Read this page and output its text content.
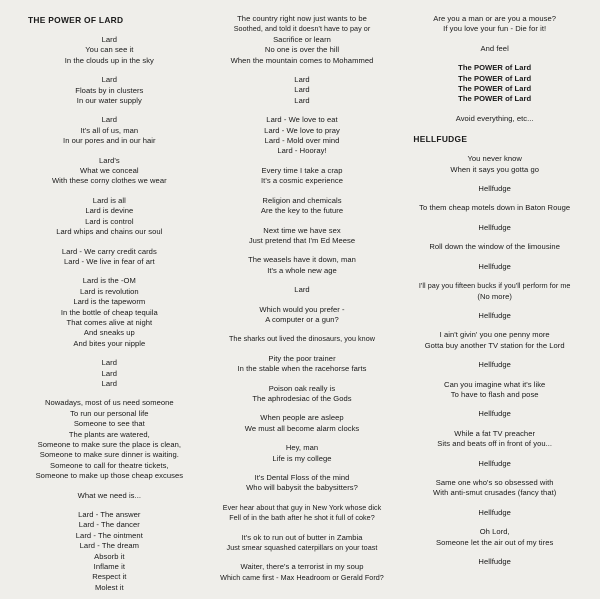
THE POWER OF LARD
Lard
You can see it
In the clouds up in the sky
Lard
Floats by in clusters
In our water supply
Lard
It's all of us, man
In our pores and in our hair
Lard's
What we conceal
With these corny clothes we wear
Lard is all
Lard is devine
Lard is control
Lard whips and chains our soul
Lard - We carry credit cards
Lard - We live in fear of art
Lard is the -OM
Lard is revolution
Lard is the tapeworm
In the bottle of cheap tequila
That comes alive at night
And sneaks up
And bites your nipple
Lard
Lard
Lard
Nowadays, most of us need someone
To run our personal life
Someone to see that
The plants are watered,
Someone to make sure the place is clean,
Someone to make sure dinner is waiting.
Someone to call for theatre tickets,
Someone to make up those cheap excuses
What we need is...
Lard - The answer
Lard - The dancer
Lard - The ointment
Lard - The dream
Absorb it
Inflame it
Respect it
Molest it
The country right now just wants to be
Soothed, and told it doesn't have to pay or
Sacrifice or learn
No one is over the hill
When the mountain comes to Mohammed
Lard
Lard
Lard
Lard - We love to eat
Lard - We love to pray
Lard - Mold over mind
Lard - Hooray!
Every time I take a crap
It's a cosmic experience
Religion and chemicals
Are the key to the future
Next time we have sex
Just pretend that I'm Ed Meese
The weasels have it down, man
It's a whole new age
Lard
Which would you prefer -
A computer or a gun?
The sharks out lived the dinosaurs, you know
Pity the poor trainer
In the stable when the racehorse farts
Poison oak really is
The aphrodesiac of the Gods
When people are asleep
We must all become alarm clocks
Hey, man
Life is my college
It's Dental Floss of the mind
Who will babysit the babysitters?
Ever hear about that guy in New York whose dick
Fell of in the bath after he shot it full of coke?
It's ok to run out of butter in Zambia
Just smear squashed caterpillars on your toast
Waiter, there's a terrorist in my soup
Which came first - Max Headroom or Gerald Ford?
Are you a man or are you a mouse?
If you love your fun - Die for it!
And feel
The POWER of Lard
The POWER of Lard
The POWER of Lard
The POWER of Lard
Avoid everything, etc...
HELLFUDGE
You never know
When it says you gotta go
Hellfudge
To them cheap motels down in Baton Rouge
Hellfudge
Roll down the window of the limousine
Hellfudge
I'll pay you fifteen bucks if you'll perform for me
(No more)
Hellfudge
I ain't givin' you one penny more
Gotta buy another TV station for the Lord
Hellfudge
Can you imagine what it's like
To have to flash and pose
Hellfudge
While a fat TV preacher
Sits and beats off in front of you...
Hellfudge
Same one who's so obsessed with
With anti-smut crusades (fancy that)
Hellfudge
Oh Lord,
Someone let the air out of my tires
Hellfudge
